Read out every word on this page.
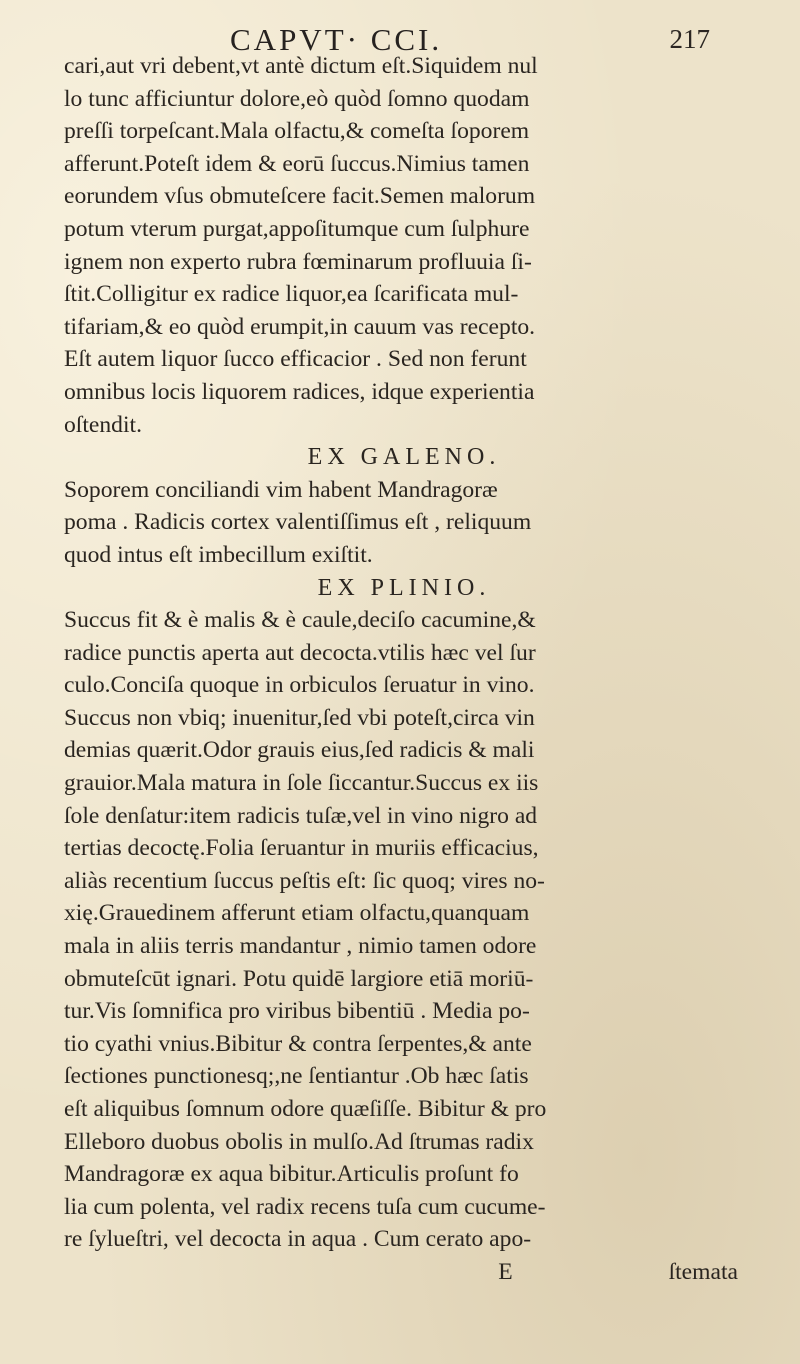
CAPVT· CCI.	217
cari,aut vri debent,vt antè dictum eſt.Siquidem nul
lo tunc afficiuntur dolore,eò quòd ſomno quodam
preſſi torpeſcant.Mala olfactu,& comeſta ſoporem
afferunt.Poteſt idem & eorū ſuccus.Nimius tamen
eorundem vſus obmuteſcere facit.Semen malorum
potum vterum purgat,appoſitumque cum ſulphure
ignem non experto rubra fœminarum profluuia ſi-
ſtit.Colligitur ex radice liquor,ea ſcarificata mul-
tifariam,& eo quòd erumpit,in cauum vas recepto.
Eſt autem liquor ſucco efficacior . Sed non ferunt
omnibus locis liquorem radices, idque experientia
oſtendit.
EX GALENO.
Soporem conciliandi vim habent Mandragoræ
poma . Radicis cortex valentiſſimus eſt , reliquum
quod intus eſt imbecillum exiſtit.
EX PLINIO.
Succus fit & è malis & è caule,deciſo cacumine,&
radice punctis aperta aut decocta.vtilis hæc vel ſur
culo.Conciſa quoque in orbiculos ſeruatur in vino.
Succus non vbiq; inuenitur,ſed vbi poteſt,circa vin
demias quærit.Odor grauis eius,ſed radicis & mali
grauior.Mala matura in ſole ſiccantur.Succus ex iis
ſole denſatur:item radicis tuſæ,vel in vino nigro ad
tertias decoctę.Folia ſeruantur in muriis efficacius,
aliàs recentium ſuccus peſtis eſt: ſic quoq; vires no-
xię.Grauedinem afferunt etiam olfactu,quanquam
mala in aliis terris mandantur , nimio tamen odore
obmuteſcūt ignari. Potu quidē largiore etiā moriū-
tur.Vis ſomnifica pro viribus bibentiū . Media po-
tio cyathi vnius.Bibitur & contra ſerpentes,& ante
ſectiones punctionesq;,ne ſentiantur .Ob hæc ſatis
eſt aliquibus ſomnum odore quæſiſſe. Bibitur & pro
Elleboro duobus obolis in mulſo.Ad ſtrumas radix
Mandragoræ ex aqua bibitur.Articulis proſunt fo
lia cum polenta, vel radix recens tuſa cum cucume-
re ſylueſtri, vel decocta in aqua . Cum cerato apo-
E	ſtemata
